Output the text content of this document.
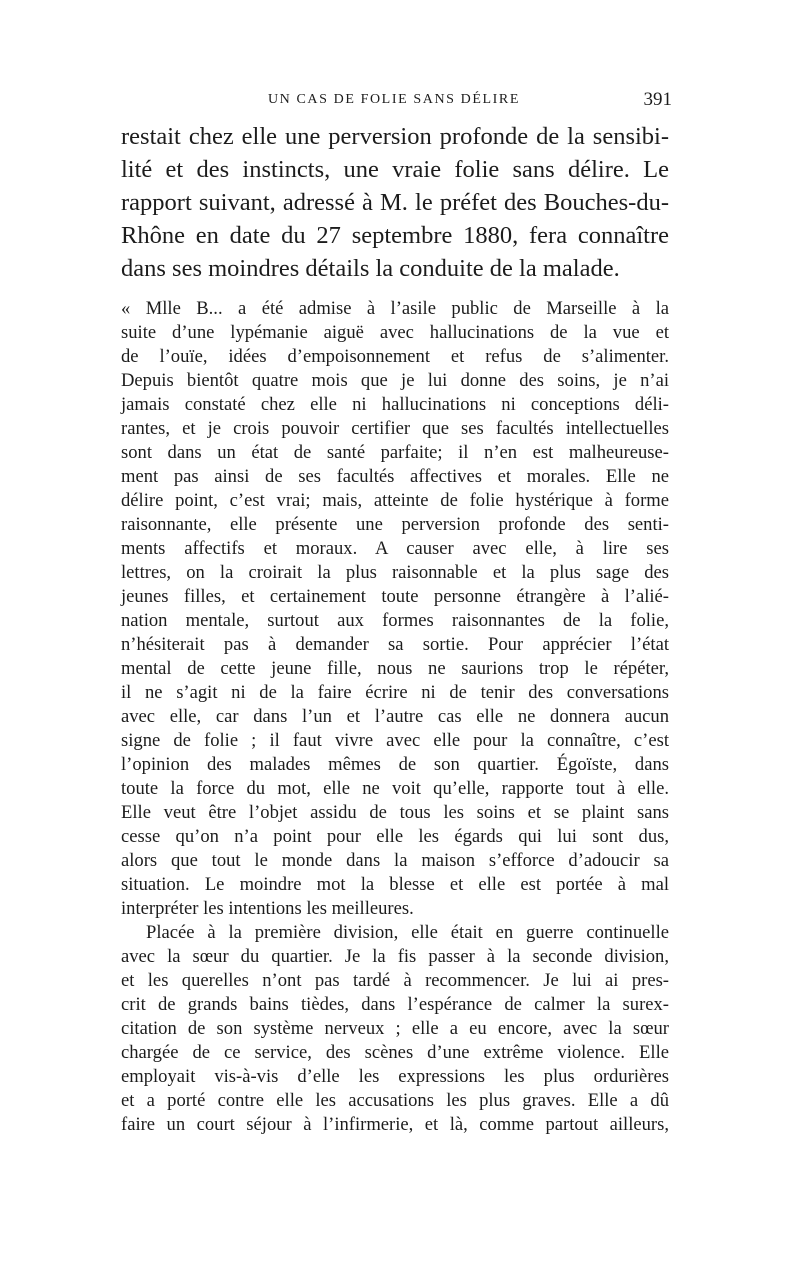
UN CAS DE FOLIE SANS DÉLIRE	391
restait chez elle une perversion profonde de la sensibi-
lité et des instincts, une vraie folie sans délire. Le
rapport suivant, adressé à M. le préfet des Bouches-du-
Rhône en date du 27 septembre 1880, fera connaître
dans ses moindres détails la conduite de la malade.
« Mlle B... a été admise à l’asile public de Marseille à la
suite d’une lypémanie aiguë avec hallucinations de la vue et
de l’ouïe, idées d’empoisonnement et refus de s’alimenter.
Depuis bientôt quatre mois que je lui donne des soins, je n’ai
jamais constaté chez elle ni hallucinations ni conceptions déli-
rantes, et je crois pouvoir certifier que ses facultés intellectuelles
sont dans un état de santé parfaite; il n’en est malheureuse-
ment pas ainsi de ses facultés affectives et morales. Elle ne
délire point, c’est vrai; mais, atteinte de folie hystérique à forme
raisonnante, elle présente une perversion profonde des senti-
ments affectifs et moraux. A causer avec elle, à lire ses
lettres, on la croirait la plus raisonnable et la plus sage des
jeunes filles, et certainement toute personne étrangère à l’alié-
nation mentale, surtout aux formes raisonnantes de la folie,
n’hésiterait pas à demander sa sortie. Pour apprécier l’état
mental de cette jeune fille, nous ne saurions trop le répéter,
il ne s’agit ni de la faire écrire ni de tenir des conversations
avec elle, car dans l’un et l’autre cas elle ne donnera aucun
signe de folie ; il faut vivre avec elle pour la connaître, c’est
l’opinion des malades mêmes de son quartier. Égoïste, dans
toute la force du mot, elle ne voit qu’elle, rapporte tout à elle.
Elle veut être l’objet assidu de tous les soins et se plaint sans
cesse qu’on n’a point pour elle les égards qui lui sont dus,
alors que tout le monde dans la maison s’efforce d’adoucir sa
situation. Le moindre mot la blesse et elle est portée à mal
interpréter les intentions les meilleures.
Placée à la première division, elle était en guerre continuelle
avec la sœur du quartier. Je la fis passer à la seconde division,
et les querelles n’ont pas tardé à recommencer. Je lui ai pres-
crit de grands bains tièdes, dans l’espérance de calmer la surex-
citation de son système nerveux ; elle a eu encore, avec la sœur
chargée de ce service, des scènes d’une extrême violence. Elle
employait vis-à-vis d’elle les expressions les plus ordurières
et a porté contre elle les accusations les plus graves. Elle a dû
faire un court séjour à l’infirmerie, et là, comme partout ailleurs,
